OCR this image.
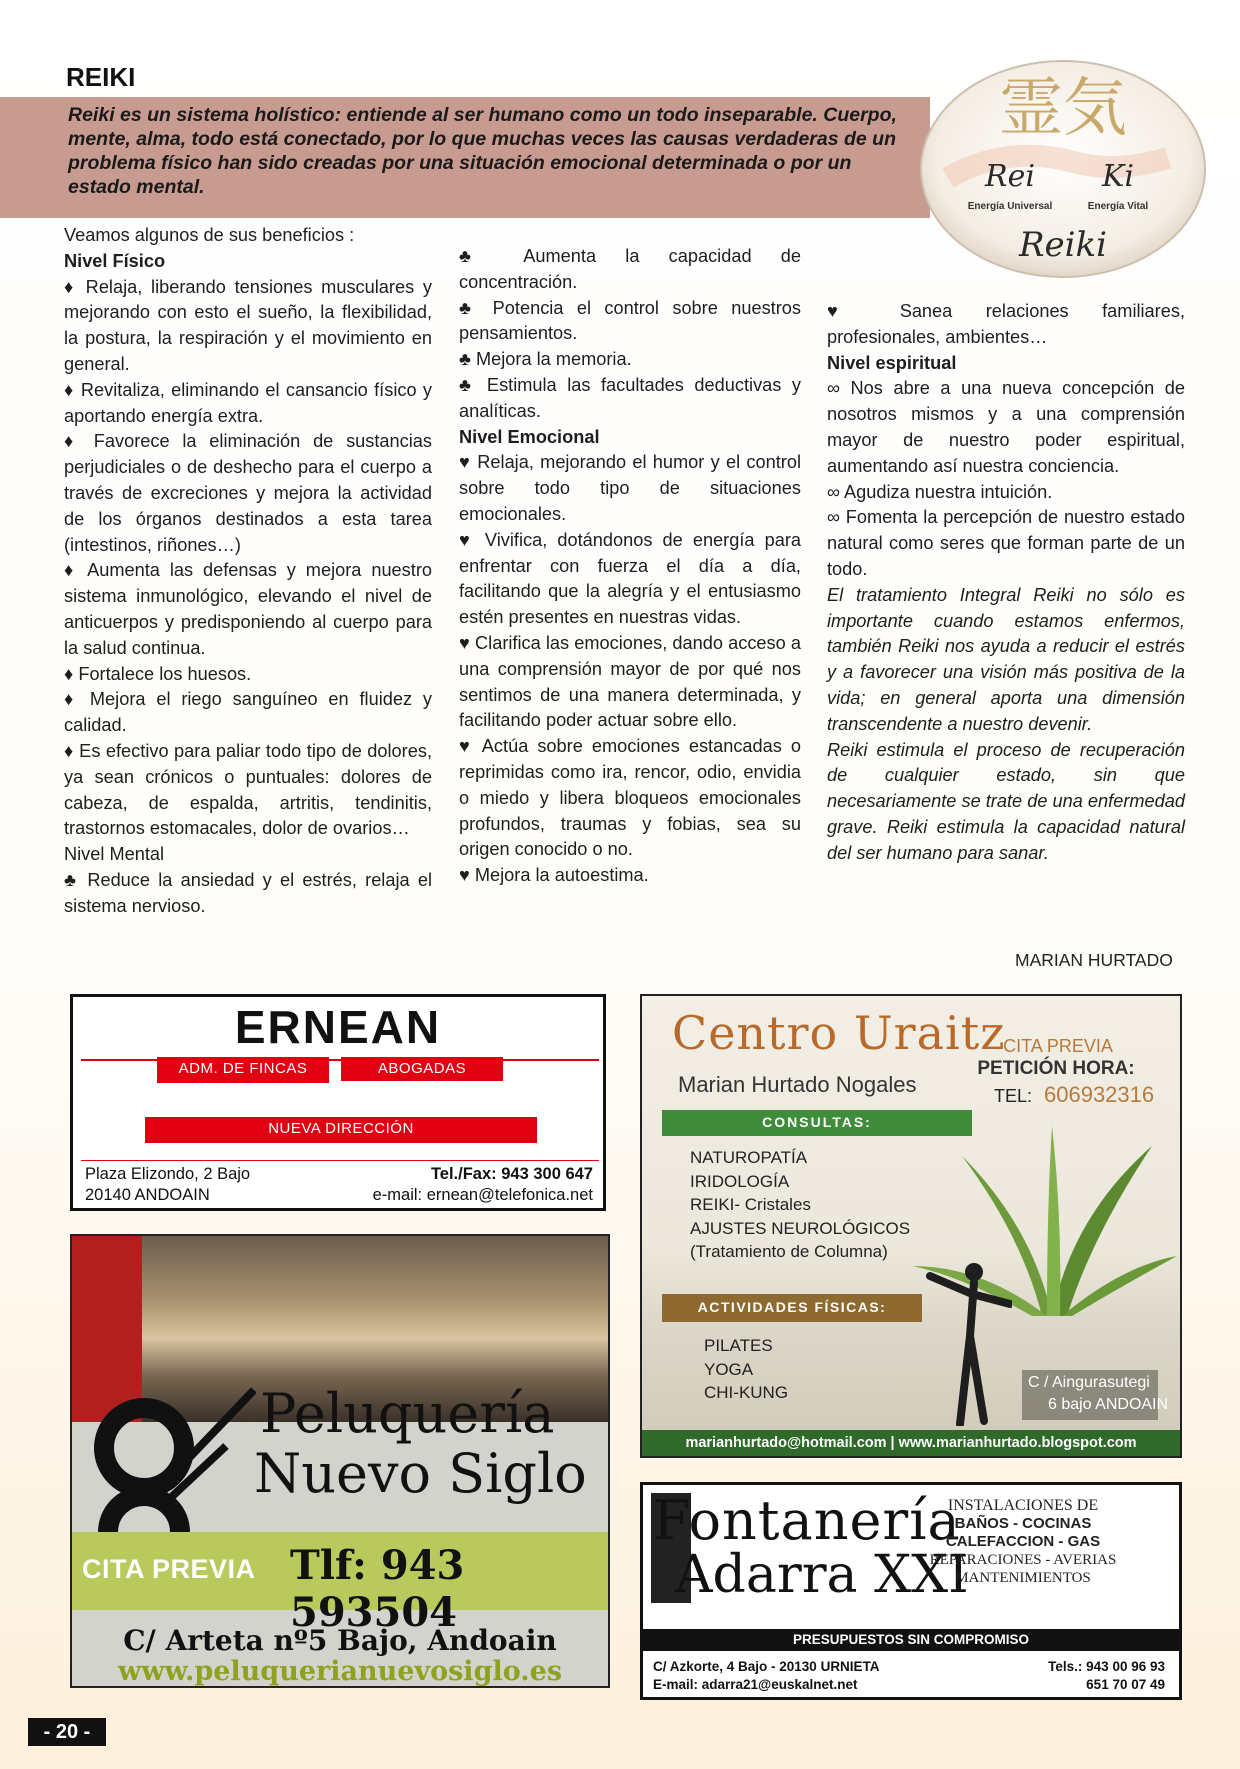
REIKI
Reiki es un sistema holístico: entiende al ser humano como un todo inseparable. Cuerpo, mente, alma, todo está conectado, por lo que muchas veces las causas verdaderas de un problema físico han sido creadas por una situación emocional determinada o por un estado mental.
霊気
Rei Ki
Energía Universal	Energía Vital
Reiki

Veamos algunos de sus beneficios :

Nivel Físico

♦ Relaja, liberando tensiones musculares y mejorando con esto el sueño, la flexibilidad, la postura, la respiración y el movimiento en general.

♦ Revitaliza, eliminando el cansancio físico y aportando energía extra.

♦ Favorece la eliminación de sustancias perjudiciales o de deshecho para el cuerpo a través de excreciones y mejora la actividad de los órganos destinados a esta tarea (intestinos, riñones…)

♦ Aumenta las defensas y mejora nuestro sistema inmunológico, elevando el nivel de anticuerpos y predisponiendo al cuerpo para la salud continua.

♦ Fortalece los huesos.

♦ Mejora el riego sanguíneo en fluidez y calidad.

♦ Es efectivo para paliar todo tipo de dolores, ya sean crónicos o puntuales: dolores de cabeza, de espalda, artritis, tendinitis, trastornos estomacales, dolor de ovarios…

Nivel Mental

♣ Reduce la ansiedad y el estrés, relaja el sistema nervioso.

♣ Aumenta la capacidad de concentración.

♣ Potencia el control sobre nuestros pensamientos.

♣ Mejora la memoria.

♣ Estimula las facultades deductivas y analíticas.

Nivel Emocional

♥ Relaja, mejorando el humor y el control sobre todo tipo de situaciones emocionales.

♥ Vivifica, dotándonos de energía para enfrentar con fuerza el día a día, facilitando que la alegría y el entusiasmo estén presentes en nuestras vidas.

♥ Clarifica las emociones, dando acceso a una comprensión mayor de por qué nos sentimos de una manera determinada, y facilitando poder actuar sobre ello.

♥ Actúa sobre emociones estancadas o reprimidas como ira, rencor, odio, envidia o miedo y libera bloqueos emocionales profundos, traumas y fobias, sea su origen conocido o no.

♥ Mejora la autoestima.

♥ Sanea relaciones familiares, profesionales, ambientes…

Nivel espiritual

∞ Nos abre a una nueva concepción de nosotros mismos y a una comprensión mayor de nuestro poder espiritual, aumentando así nuestra conciencia.

∞ Agudiza nuestra intuición.

∞ Fomenta la percepción de nuestro estado natural como seres que forman parte de un todo.

El tratamiento Integral Reiki no sólo es importante cuando estamos enfermos, también Reiki nos ayuda a reducir el estrés y a favorecer una visión más positiva de la vida; en general aporta una dimensión transcendente a nuestro devenir.

Reiki estimula el proceso de recuperación de cualquier estado, sin que necesariamente se trate de una enfermedad grave. Reiki estimula la capacidad natural del ser humano para sanar.

MARIAN HURTADO
ERNEAN
ADM. DE FINCAS	ABOGADAS
NUEVA DIRECCIÓN
Plaza Elizondo, 2 Bajo
20140 ANDOAIN
Tel./Fax: 943 300 647
e-mail: ernean@telefonica.net
Centro Uraitz
Marian Hurtado Nogales
CITA PREVIA
PETICIÓN HORA:
TEL: 606932316
CONSULTAS:
NATUROPATÍA
IRIDOLOGÍA
REIKI- Cristales
AJUSTES NEUROLÓGICOS
(Tratamiento de Columna)
ACTIVIDADES FÍSICAS:
PILATES
YOGA
CHI-KUNG
C / Aingurasutegi
6 bajo ANDOAIN
marianhurtado@hotmail.com | www.marianhurtado.blogspot.com
Peluquería
Nuevo Siglo
CITA PREVIA Tlf: 943 593504
C/ Arteta nº5 Bajo, Andoain
www.peluquerianuevosiglo.es
Fontanería
Adarra XXI
INSTALACIONES DE
BAÑOS - COCINAS
CALEFACCION - GAS
REPARACIONES - AVERIAS
MANTENIMIENTOS
PRESUPUESTOS SIN COMPROMISO
C/ Azkorte, 4 Bajo - 20130 URNIETA
E-mail: adarra21@euskalnet.net
Tels.: 943 00 96 93
651 70 07 49
- 20 -
